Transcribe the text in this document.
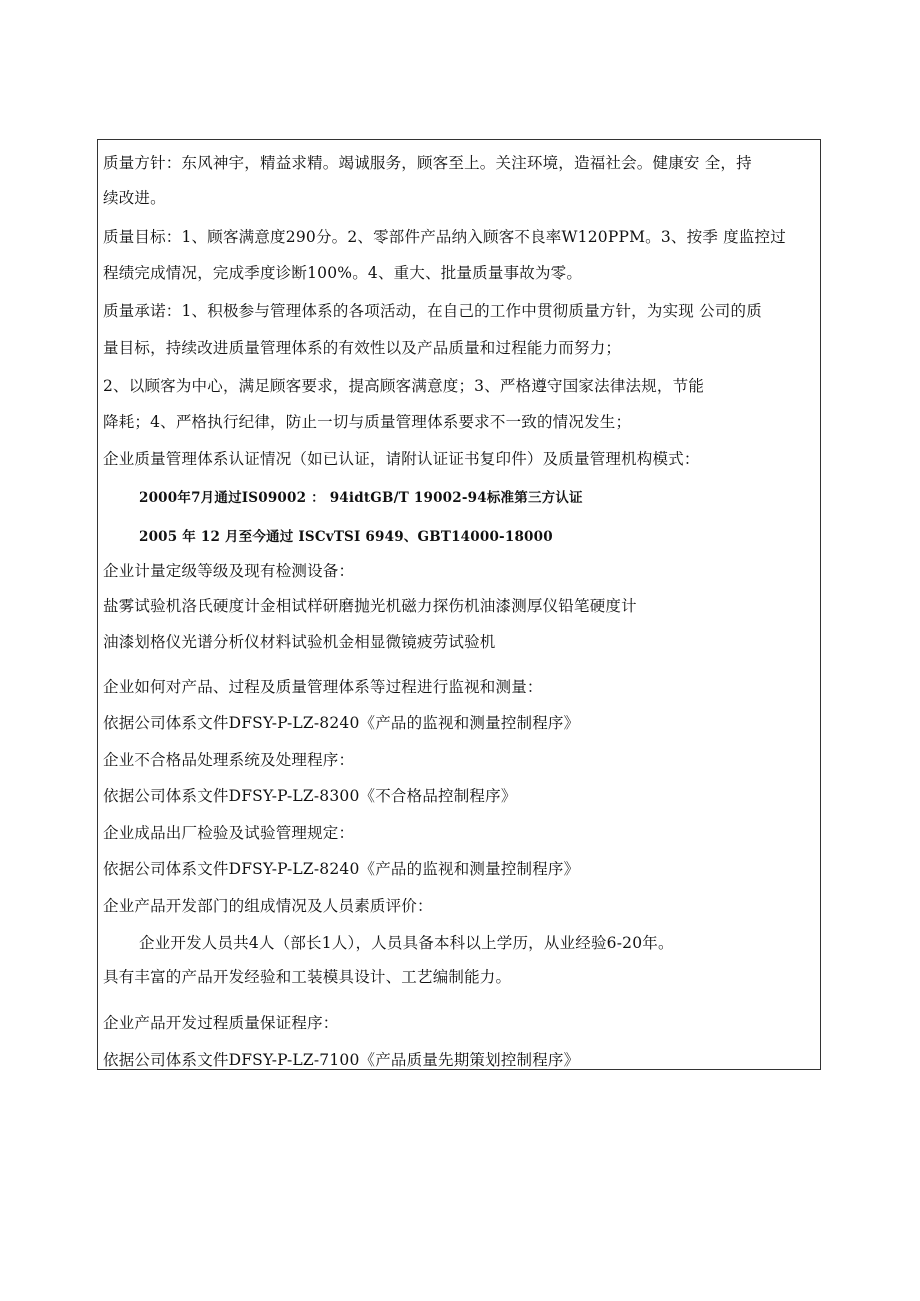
质量方针：东风神宇，精益求精。竭诚服务，顾客至上。关注环境，造福社会。健康安 全，持
续改进。
质量目标：1、顾客满意度290分。2、零部件产品纳入顾客不良率W120PPM。3、按季 度监控过
程绩完成情况，完成季度诊断100%。4、重大、批量质量事故为零。
质量承诺：1、积极参与管理体系的各项活动，在自己的工作中贯彻质量方针，为实现 公司的质
量目标，持续改进质量管理体系的有效性以及产品质量和过程能力而努力；
2、以顾客为中心，满足顾客要求，提高顾客满意度；3、严格遵守国家法律法规，节能
降耗；4、严格执行纪律，防止一切与质量管理体系要求不一致的情况发生；
企业质量管理体系认证情况（如已认证，请附认证证书复印件）及质量管理机构模式：
2000年7月通过IS09002 ： 94idtGB/T 19002-94标准第三方认证
2005 年 12 月至今通过 ISCvTSI 6949、GBT14000-18000
企业计量定级等级及现有检测设备：
盐雾试验机洛氏硬度计金相试样研磨抛光机磁力探伤机油漆测厚仪铅笔硬度计
油漆划格仪光谱分析仪材料试验机金相显微镜疲劳试验机
企业如何对产品、过程及质量管理体系等过程进行监视和测量：
依据公司体系文件DFSY-P-LZ-8240《产品的监视和测量控制程序》
企业不合格品处理系统及处理程序：
依据公司体系文件DFSY-P-LZ-8300《不合格品控制程序》
企业成品出厂检验及试验管理规定：
依据公司体系文件DFSY-P-LZ-8240《产品的监视和测量控制程序》
企业产品开发部门的组成情况及人员素质评价：
企业开发人员共4人（部长1人），人员具备本科以上学历，从业经验6-20年。
具有丰富的产品开发经验和工装模具设计、工艺编制能力。
企业产品开发过程质量保证程序：
依据公司体系文件DFSY-P-LZ-7100《产品质量先期策划控制程序》
